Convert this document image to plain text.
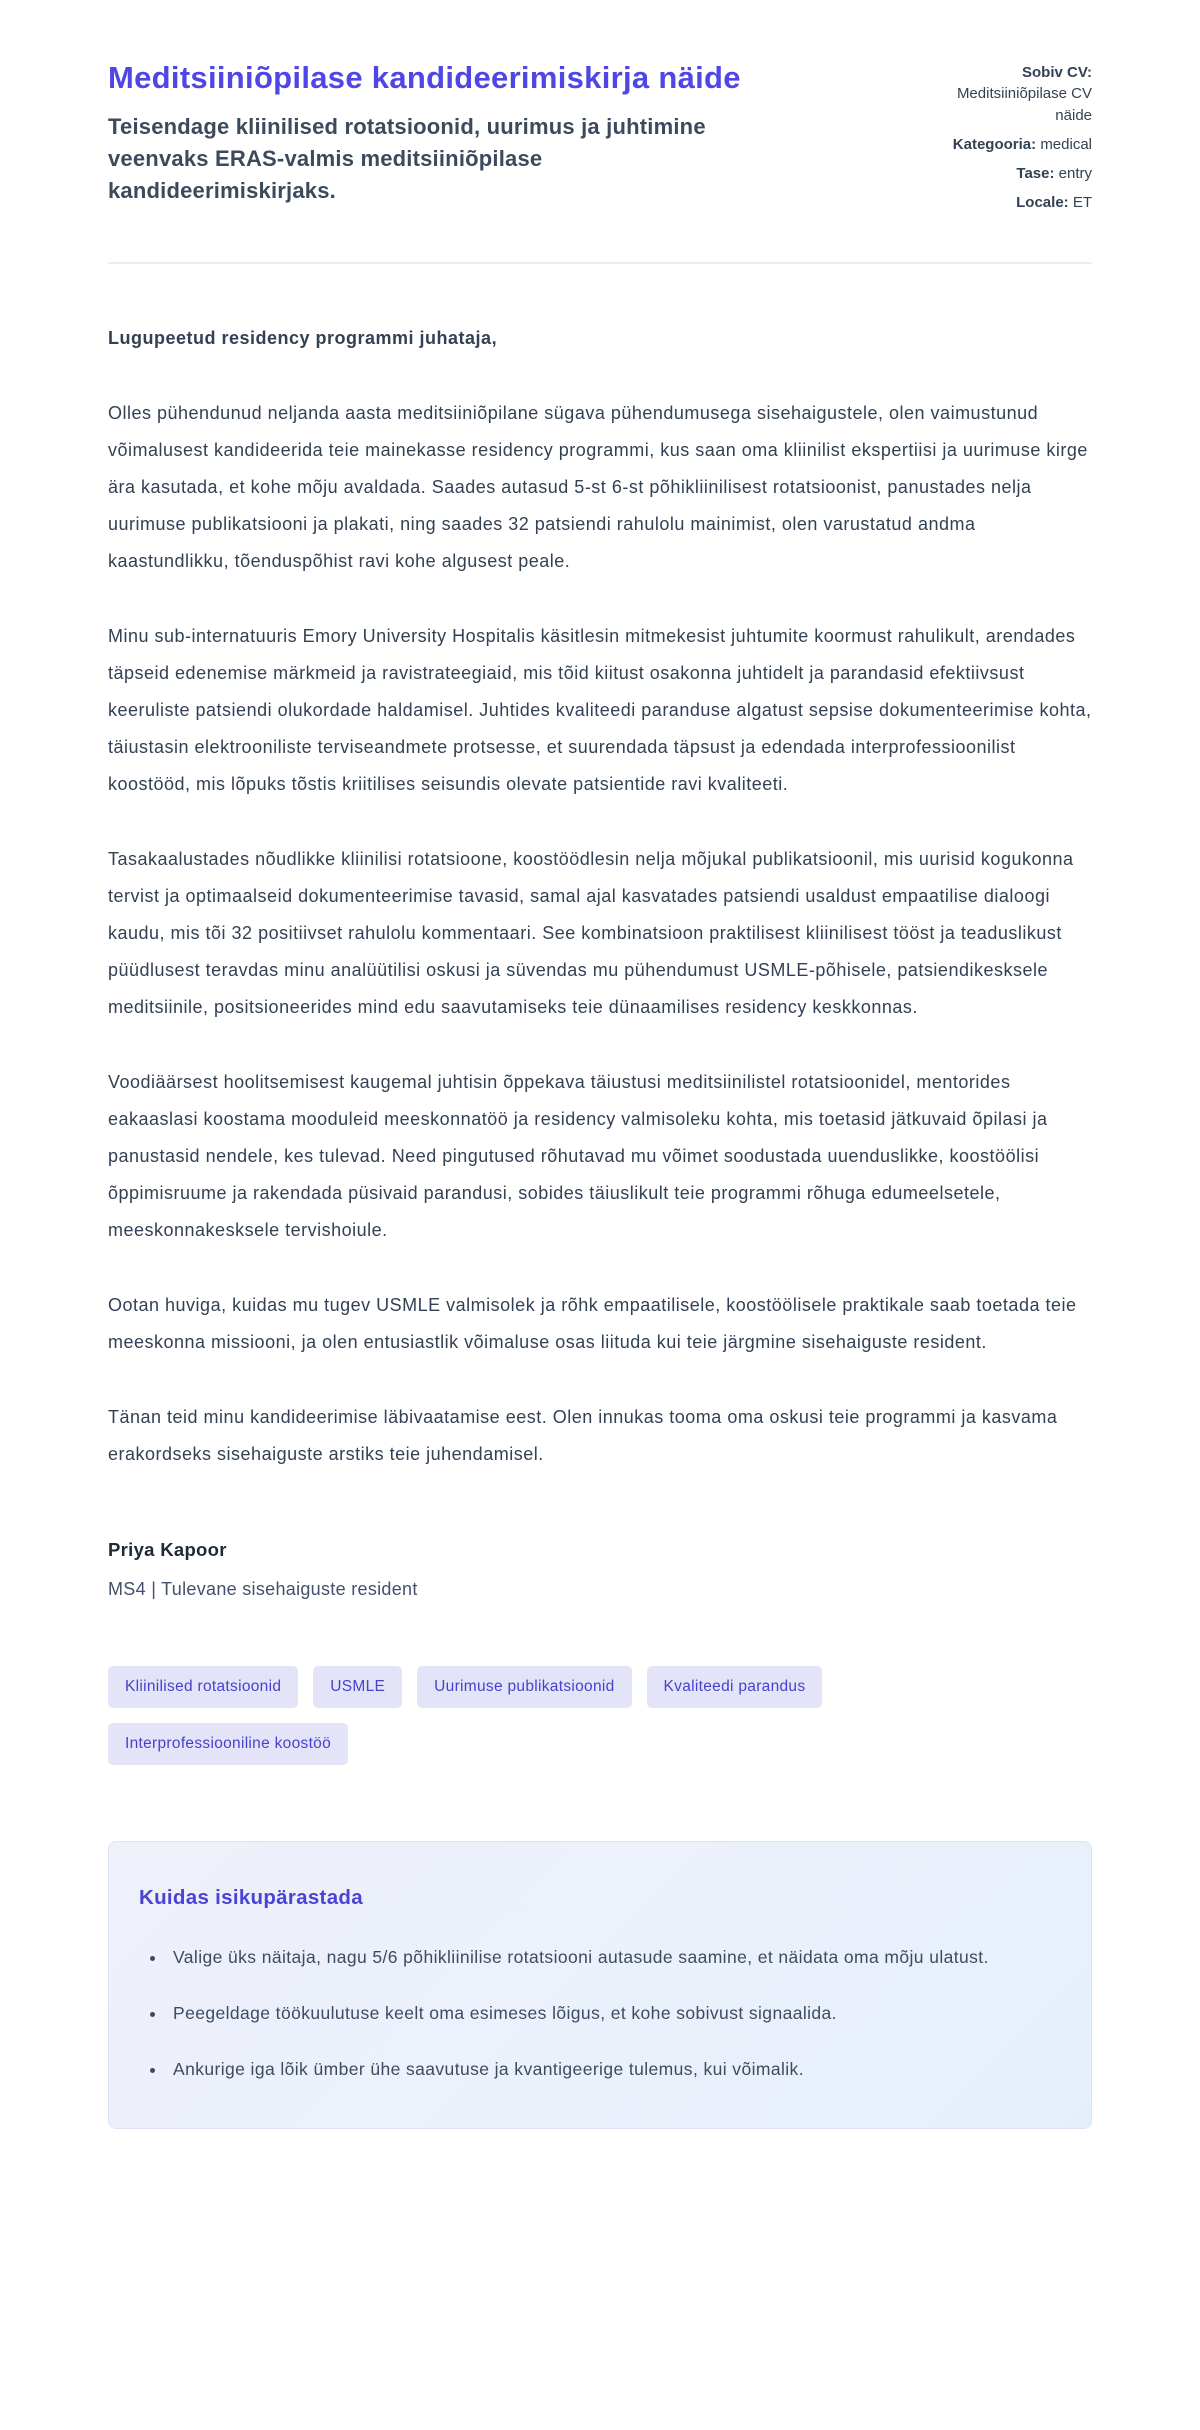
Meditsiiniõpilase kandideerimiskirja näide

Teisendage kliinilised rotatsioonid, uurimus ja juhtimine veenvaks ERAS-valmis meditsiiniõpilase kandideerimiskirjaks.

Sobiv CV: Meditsiiniõpilase CV näide
Kategooria: medical
Tase: entry
Locale: ET

Lugupeetud residency programmi juhataja,

Olles pühendunud neljanda aasta meditsiiniõpilane sügava pühendumusega sisehaigustele, olen vaimustunud võimalusest kandideerida teie mainekasse residency programmi, kus saan oma kliinilist ekspertiisi ja uurimuse kirge ära kasutada, et kohe mõju avaldada. Saades autasud 5-st 6-st põhikliinilisest rotatsioonist, panustades nelja uurimuse publikatsiooni ja plakati, ning saades 32 patsiendi rahulolu mainimist, olen varustatud andma kaastundlikku, tõenduspõhist ravi kohe algusest peale.

Minu sub-internatuuris Emory University Hospitalis käsitlesin mitmekesist juhtumite koormust rahulikult, arendades täpseid edenemise märkmeid ja ravistrateegiaid, mis tõid kiitust osakonna juhtidelt ja parandasid efektiivsust keeruliste patsiendi olukordade haldamisel. Juhtides kvaliteedi paranduse algatust sepsise dokumenteerimise kohta, täiustasin elektrooniliste terviseandmete protsesse, et suurendada täpsust ja edendada interprofessioonilist koostööd, mis lõpuks tõstis kriitilises seisundis olevate patsientide ravi kvaliteeti.

Tasakaalustades nõudlikke kliinilisi rotatsioone, koostöödlesin nelja mõjukal publikatsioonil, mis uurisid kogukonna tervist ja optimaalseid dokumenteerimise tavasid, samal ajal kasvatades patsiendi usaldust empaatilise dialoogi kaudu, mis tõi 32 positiivset rahulolu kommentaari. See kombinatsioon praktilisest kliinilisest tööst ja teaduslikust püüdlusest teravdas minu analüütilisi oskusi ja süvendas mu pühendumust USMLE-põhisele, patsiendikesksele meditsiinile, positsioneerides mind edu saavutamiseks teie dünaamilises residency keskkonnas.

Voodiäärsest hoolitsemisest kaugemal juhtisin õppekava täiustusi meditsiinilistel rotatsioonidel, mentorides eakaaslasi koostama mooduleid meeskonnatöö ja residency valmisoleku kohta, mis toetasid jätkuvaid õpilasi ja panustasid nendele, kes tulevad. Need pingutused rõhutavad mu võimet soodustada uuenduslikke, koostöölisi õppimisruume ja rakendada püsivaid parandusi, sobides täiuslikult teie programmi rõhuga edumeelsetele, meeskonnakesksele tervishoiule.

Ootan huviga, kuidas mu tugev USMLE valmisolek ja rõhk empaatilisele, koostöölisele praktikale saab toetada teie meeskonna missiooni, ja olen entusiastlik võimaluse osas liituda kui teie järgmine sisehaiguste resident.

Tänan teid minu kandideerimise läbivaatamise eest. Olen innukas tooma oma oskusi teie programmi ja kasvama erakordseks sisehaiguste arstiks teie juhendamisel.

Priya Kapoor

MS4 | Tulevane sisehaiguste resident

Kliinilised rotatsioonid	USMLE	Uurimuse publikatsioonid	Kvaliteedi parandus
Interprofessiooniline koostöö
Kuidas isikupärastada
• Valige üks näitaja, nagu 5/6 põhikliinilise rotatsiooni autasude saamine, et näidata oma mõju ulatust.
• Peegeldage töökuulutuse keelt oma esimeses lõigus, et kohe sobivust signaalida.
• Ankurige iga lõik ümber ühe saavutuse ja kvantigeerige tulemus, kui võimalik.
